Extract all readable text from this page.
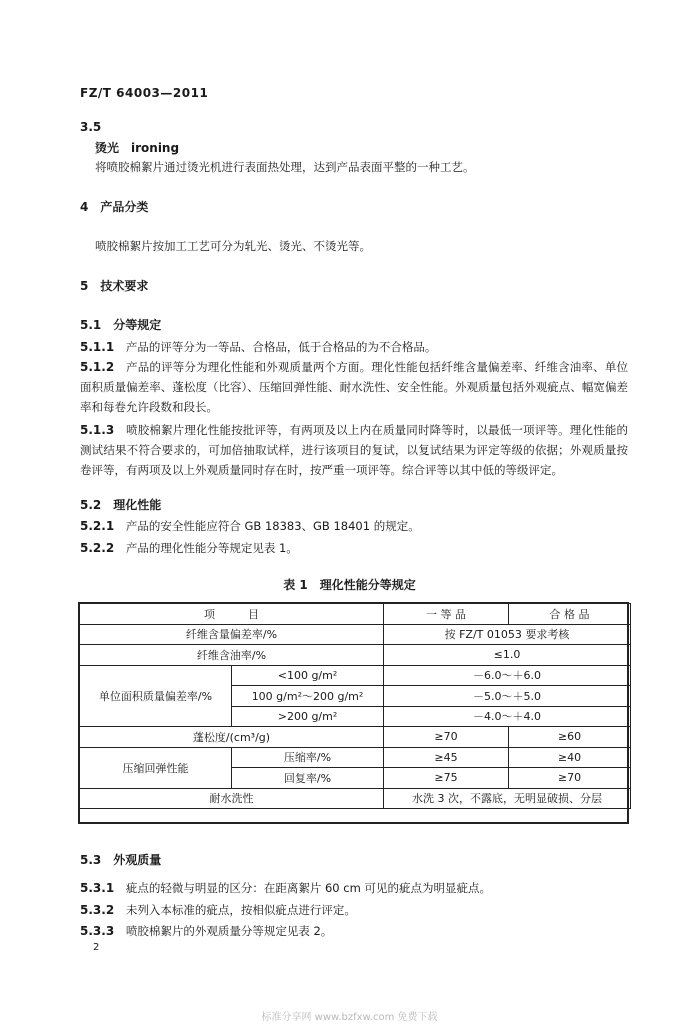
FZ/T 64003—2011
3.5
烫光　ironing
将喷胶棉絮片通过烫光机进行表面热处理，达到产品表面平整的一种工艺。
4　产品分类
喷胶棉絮片按加工工艺可分为轧光、烫光、不烫光等。
5　技术要求
5.1　分等规定
5.1.1 产品的评等分为一等品、合格品，低于合格品的为不合格品。
5.1.2 产品的评等分为理化性能和外观质量两个方面。理化性能包括纤维含量偏差率、纤维含油率、单位面积质量偏差率、蓬松度（比容）、压缩回弹性能、耐水洗性、安全性能。外观质量包括外观疵点、幅宽偏差率和每卷允许段数和段长。
5.1.3 喷胶棉絮片理化性能按批评等，有两项及以上内在质量同时降等时，以最低一项评等。理化性能的测试结果不符合要求的，可加倍抽取试样，进行该项目的复试，以复试结果为评定等级的依据；外观质量按卷评等，有两项及以上外观质量同时存在时，按严重一项评等。综合评等以其中低的等级评定。
5.2　理化性能
5.2.1 产品的安全性能应符合 GB 18383、GB 18401 的规定。
5.2.2 产品的理化性能分等规定见表 1。
表 1　理化性能分等规定
项　　　目		一 等 品	合 格 品
纤维含量偏差率/%		按 FZ/T 01053 要求考核	
纤维含油率/%		≤1.0	
单位面积质量偏差率/%	<100 g/m²	－6.0～＋6.0	
	100 g/m²～200 g/m²	－5.0～＋5.0	
	>200 g/m²	－4.0～＋4.0	
蓬松度/(cm³/g)		≥70	≥60
压缩回弹性能	压缩率/%	≥45	≥40
	回复率/%	≥75	≥70
耐水洗性		水洗 3 次，不露底，无明显破损、分层	
5.3　外观质量
5.3.1 疵点的轻微与明显的区分：在距离絮片 60 cm 可见的疵点为明显疵点。
5.3.2 未列入本标准的疵点，按相似疵点进行评定。
5.3.3 喷胶棉絮片的外观质量分等规定见表 2。
2
标准分享网 www.bzfxw.com 免费下载
